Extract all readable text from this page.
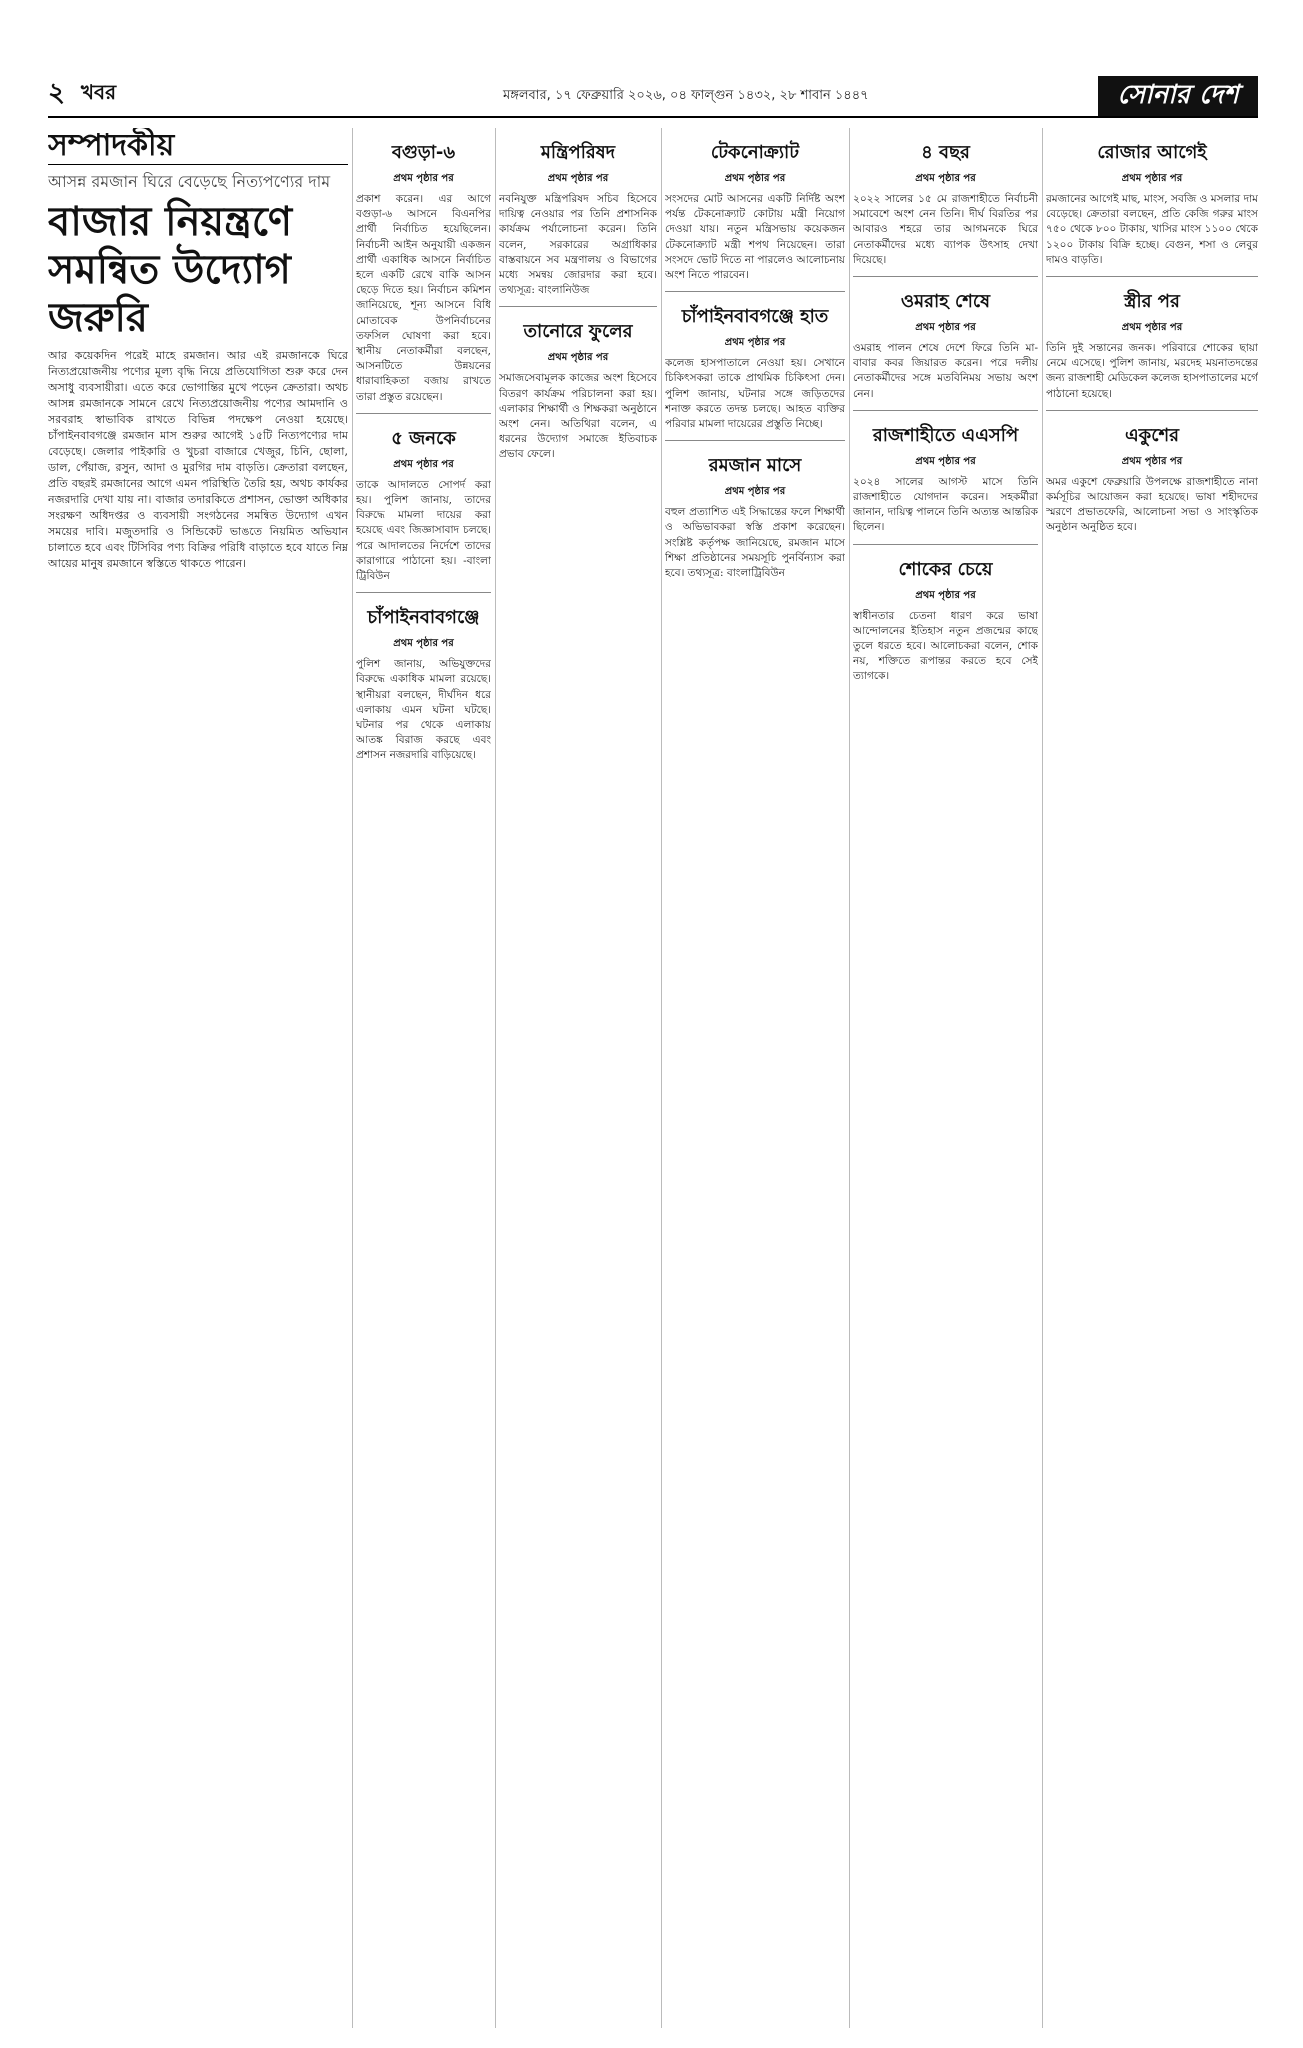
২ খবর	মঙ্গলবার, ১৭ ফেব্রুয়ারি ২০২৬, ০৪ ফাল্গুন ১৪৩২, ২৮ শাবান ১৪৪৭	সোনার দেশ
সম্পাদকীয়
আসন্ন রমজান ঘিরে বেড়েছে নিত্যপণ্যের দাম
বাজার নিয়ন্ত্রণে সমন্বিত উদ্যোগ জরুরি
আর কয়েকদিন পরেই মাহে রমজান। আর এই রমজানকে ঘিরে নিত্যপ্রয়োজনীয় পণ্যের মূল্য বৃদ্ধি নিয়ে প্রতিযোগিতা শুরু করে দেন অসাধু ব্যবসায়ীরা। এতে করে ভোগান্তির মুখে পড়েন ক্রেতারা। অথচ আসন্ন রমজানকে সামনে রেখে নিত্যপ্রয়োজনীয় পণ্যের আমদানি ও সরবরাহ স্বাভাবিক রাখতে বিভিন্ন পদক্ষেপ নেওয়া হয়েছে। চাঁপাইনবাবগঞ্জে রমজান মাস শুরুর আগেই ১৫টি নিত্যপণ্যের দাম বেড়েছে। জেলার পাইকারি ও খুচরা বাজারে খেজুর, চিনি, ছোলা, ডাল, পেঁয়াজ, রসুন, আদা ও মুরগির দাম বাড়তি। ক্রেতারা বলছেন, প্রতি বছরই রমজানের আগে এমন পরিস্থিতি তৈরি হয়, অথচ কার্যকর নজরদারি দেখা যায় না। বাজার তদারকিতে প্রশাসন, ভোক্তা অধিকার সংরক্ষণ অধিদপ্তর ও ব্যবসায়ী সংগঠনের সমন্বিত উদ্যোগ এখন সময়ের দাবি। মজুতদারি ও সিন্ডিকেট ভাঙতে নিয়মিত অভিযান চালাতে হবে এবং টিসিবির পণ্য বিক্রির পরিধি বাড়াতে হবে যাতে নিম্ন আয়ের মানুষ রমজানে স্বস্তিতে থাকতে পারেন।
বগুড়া-৬
প্রথম পৃষ্ঠার পর
প্রকাশ করেন। এর আগে বগুড়া-৬ আসনে বিএনপির প্রার্থী নির্বাচিত হয়েছিলেন। নির্বাচনী আইন অনুযায়ী একজন প্রার্থী একাধিক আসনে নির্বাচিত হলে একটি রেখে বাকি আসন ছেড়ে দিতে হয়। নির্বাচন কমিশন জানিয়েছে, শূন্য আসনে বিধি মোতাবেক উপনির্বাচনের তফসিল ঘোষণা করা হবে। স্থানীয় নেতাকর্মীরা বলছেন, আসনটিতে উন্নয়নের ধারাবাহিকতা বজায় রাখতে তারা প্রস্তুত রয়েছেন।
৫ জনকে
প্রথম পৃষ্ঠার পর
তাকে আদালতে সোপর্দ করা হয়। পুলিশ জানায়, তাদের বিরুদ্ধে মামলা দায়ের করা হয়েছে এবং জিজ্ঞাসাবাদ চলছে। পরে আদালতের নির্দেশে তাদের কারাগারে পাঠানো হয়। -বাংলা ট্রিবিউন
চাঁপাইনবাবগঞ্জে
প্রথম পৃষ্ঠার পর
পুলিশ জানায়, অভিযুক্তদের বিরুদ্ধে একাধিক মামলা রয়েছে। স্থানীয়রা বলছেন, দীর্ঘদিন ধরে এলাকায় এমন ঘটনা ঘটছে। ঘটনার পর থেকে এলাকায় আতঙ্ক বিরাজ করছে এবং প্রশাসন নজরদারি বাড়িয়েছে।
মন্ত্রিপরিষদ
প্রথম পৃষ্ঠার পর
নবনিযুক্ত মন্ত্রিপরিষদ সচিব হিসেবে দায়িত্ব নেওয়ার পর তিনি প্রশাসনিক কার্যক্রম পর্যালোচনা করেন। তিনি বলেন, সরকারের অগ্রাধিকার বাস্তবায়নে সব মন্ত্রণালয় ও বিভাগের মধ্যে সমন্বয় জোরদার করা হবে। তথ্যসূত্র: বাংলানিউজ
তানোরে ফুলের
প্রথম পৃষ্ঠার পর
সমাজসেবামূলক কাজের অংশ হিসেবে বিতরণ কার্যক্রম পরিচালনা করা হয়। এলাকার শিক্ষার্থী ও শিক্ষকরা অনুষ্ঠানে অংশ নেন। অতিথিরা বলেন, এ ধরনের উদ্যোগ সমাজে ইতিবাচক প্রভাব ফেলে।
টেকনোক্র্যাট
প্রথম পৃষ্ঠার পর
সংসদের মোট আসনের একটি নির্দিষ্ট অংশ পর্যন্ত টেকনোক্র্যাট কোটায় মন্ত্রী নিয়োগ দেওয়া যায়। নতুন মন্ত্রিসভায় কয়েকজন টেকনোক্র্যাট মন্ত্রী শপথ নিয়েছেন। তারা সংসদে ভোট দিতে না পারলেও আলোচনায় অংশ নিতে পারবেন।
চাঁপাইনবাবগঞ্জে হাত
প্রথম পৃষ্ঠার পর
কলেজ হাসপাতালে নেওয়া হয়। সেখানে চিকিৎসকরা তাকে প্রাথমিক চিকিৎসা দেন। পুলিশ জানায়, ঘটনার সঙ্গে জড়িতদের শনাক্ত করতে তদন্ত চলছে। আহত ব্যক্তির পরিবার মামলা দায়েরের প্রস্তুতি নিচ্ছে।
রমজান মাসে
প্রথম পৃষ্ঠার পর
বহুল প্রত্যাশিত এই সিদ্ধান্তের ফলে শিক্ষার্থী ও অভিভাবকরা স্বস্তি প্রকাশ করেছেন। সংশ্লিষ্ট কর্তৃপক্ষ জানিয়েছে, রমজান মাসে শিক্ষা প্রতিষ্ঠানের সময়সূচি পুনর্বিন্যাস করা হবে। তথ্যসূত্র: বাংলাট্রিবিউন
৪ বছর
প্রথম পৃষ্ঠার পর
২০২২ সালের ১৫ মে রাজশাহীতে নির্বাচনী সমাবেশে অংশ নেন তিনি। দীর্ঘ বিরতির পর আবারও শহরে তার আগমনকে ঘিরে নেতাকর্মীদের মধ্যে ব্যাপক উৎসাহ দেখা দিয়েছে।
ওমরাহ শেষে
প্রথম পৃষ্ঠার পর
ওমরাহ পালন শেষে দেশে ফিরে তিনি মা-বাবার কবর জিয়ারত করেন। পরে দলীয় নেতাকর্মীদের সঙ্গে মতবিনিময় সভায় অংশ নেন।
রাজশাহীতে এএসপি
প্রথম পৃষ্ঠার পর
২০২৪ সালের আগস্ট মাসে তিনি রাজশাহীতে যোগদান করেন। সহকর্মীরা জানান, দায়িত্ব পালনে তিনি অত্যন্ত আন্তরিক ছিলেন।
শোকের চেয়ে
প্রথম পৃষ্ঠার পর
স্বাধীনতার চেতনা ধারণ করে ভাষা আন্দোলনের ইতিহাস নতুন প্রজন্মের কাছে তুলে ধরতে হবে। আলোচকরা বলেন, শোক নয়, শক্তিতে রূপান্তর করতে হবে সেই ত্যাগকে।
রোজার আগেই
প্রথম পৃষ্ঠার পর
রমজানের আগেই মাছ, মাংস, সবজি ও মসলার দাম বেড়েছে। ক্রেতারা বলছেন, প্রতি কেজি গরুর মাংস ৭৫০ থেকে ৮০০ টাকায়, খাসির মাংস ১১০০ থেকে ১২০০ টাকায় বিক্রি হচ্ছে। বেগুন, শসা ও লেবুর দামও বাড়তি।
স্ত্রীর পর
প্রথম পৃষ্ঠার পর
তিনি দুই সন্তানের জনক। পরিবারে শোকের ছায়া নেমে এসেছে। পুলিশ জানায়, মরদেহ ময়নাতদন্তের জন্য রাজশাহী মেডিকেল কলেজ হাসপাতালের মর্গে পাঠানো হয়েছে।
একুশের
প্রথম পৃষ্ঠার পর
অমর একুশে ফেব্রুয়ারি উপলক্ষে রাজশাহীতে নানা কর্মসূচির আয়োজন করা হয়েছে। ভাষা শহীদদের স্মরণে প্রভাতফেরি, আলোচনা সভা ও সাংস্কৃতিক অনুষ্ঠান অনুষ্ঠিত হবে।
